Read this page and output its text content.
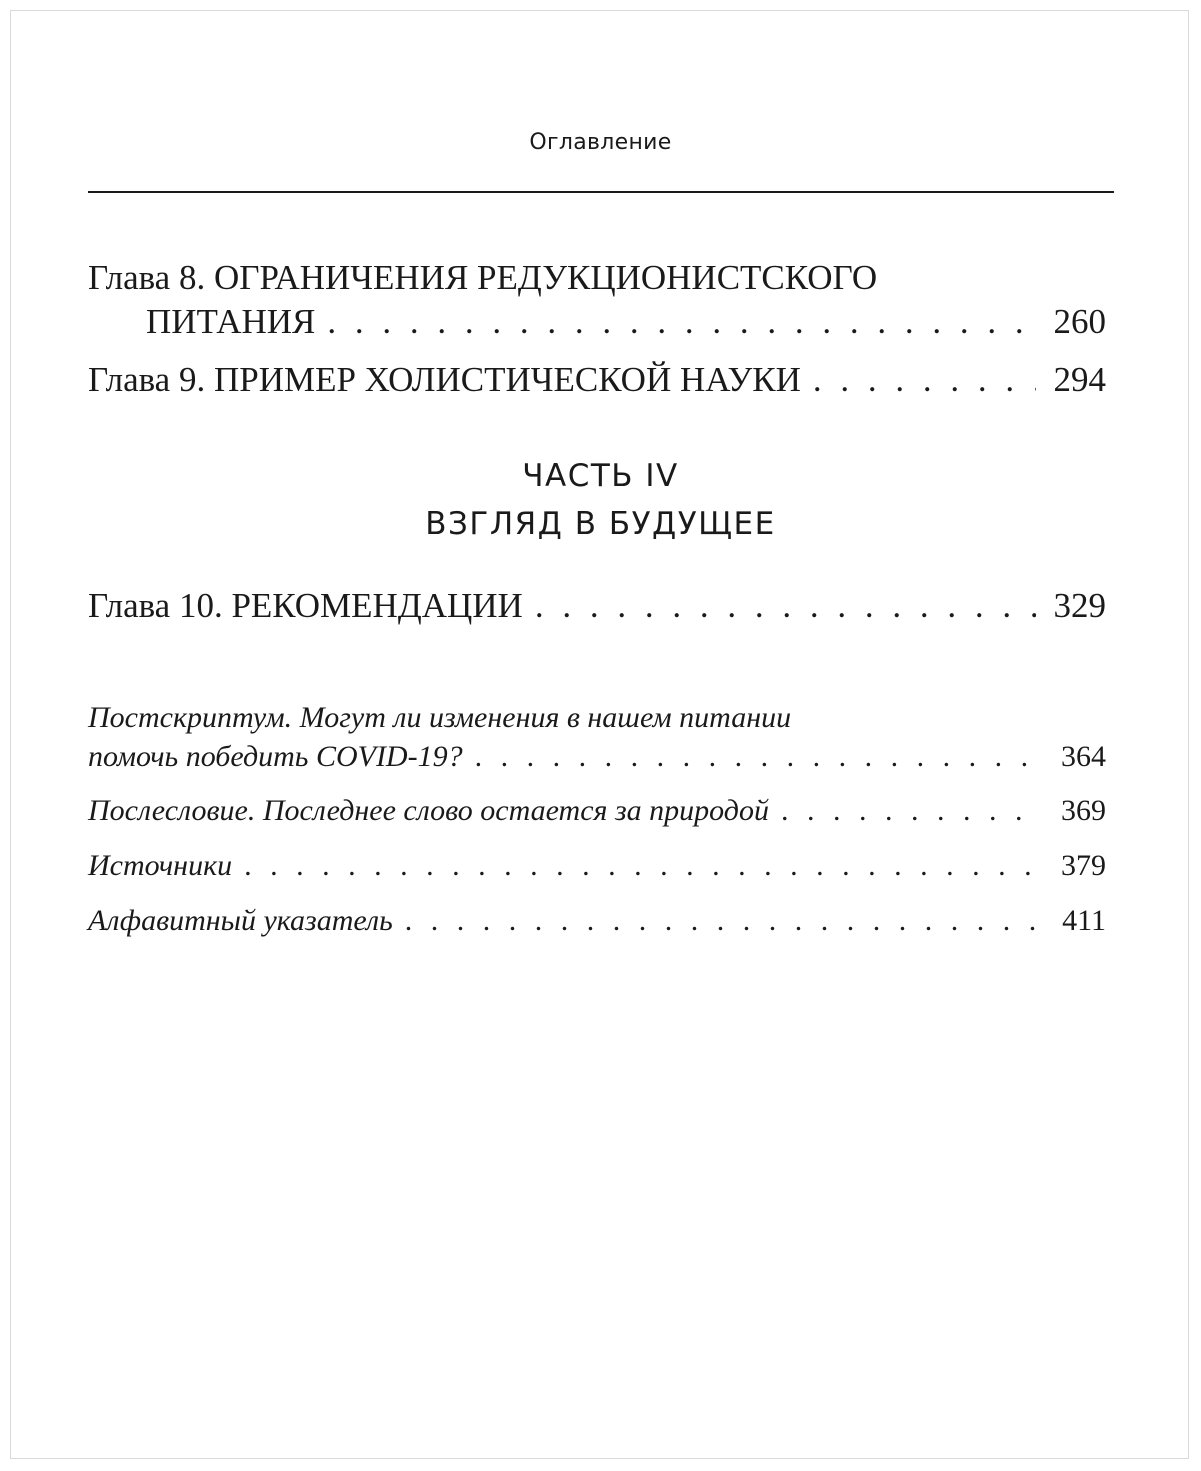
Оглавление
Глава 8. ОГРАНИЧЕНИЯ РЕДУКЦИОНИСТСКОГО
ПИТАНИЯ . . .	260
Глава 9. ПРИМЕР ХОЛИСТИЧЕСКОЙ НАУКИ . . .	294
ЧАСТЬ IV
ВЗГЛЯД В БУДУЩЕЕ
Глава 10. РЕКОМЕНДАЦИИ . . .	329
Постскриптум. Могут ли изменения в нашем питании
помочь победить COVID-19? . . .	364
Послесловие. Последнее слово остается за природой . . .	369
Источники . . .	379
Алфавитный указатель . . .	411
